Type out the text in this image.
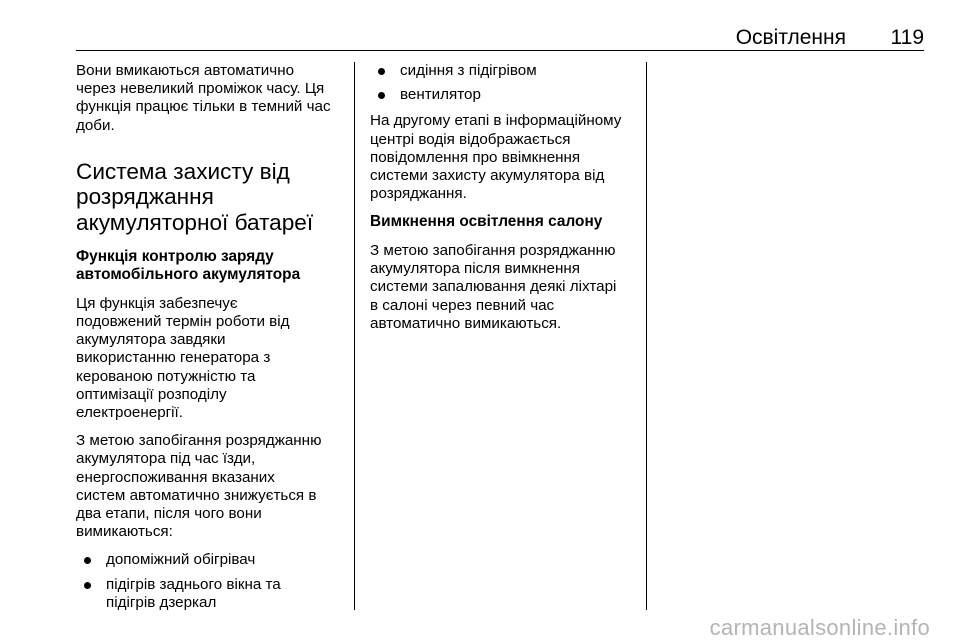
Освітлення 119

Вони вмикаються автоматично
через невеликий проміжок часу. Ця
функція працює тільки в темний час
доби.

Система захисту від
розряджання
акумуляторної батареї
Функція контролю заряду
автомобільного акумулятора

Ця функція забезпечує
подовжений термін роботи від
акумулятора завдяки
використанню генератора з
керованою потужністю та
оптимізації розподілу
електроенергії.

З метою запобігання розряджанню
акумулятора під час їзди,
енергоспоживання вказаних
систем автоматично знижується в
два етапи, після чого вони
вимикаються:

допоміжний обігрівач
підігрів заднього вікна та
підігрів дзеркал
сидіння з підігрівом
вентилятор

На другому етапі в інформаційному
центрі водія відображається
повідомлення про ввімкнення
системи захисту акумулятора від
розряджання.

Вимкнення освітлення салону

З метою запобігання розряджанню
акумулятора після вимкнення
системи запалювання деякі ліхтарі
в салоні через певний час
автоматично вимикаються.

carmanualsonline.info
